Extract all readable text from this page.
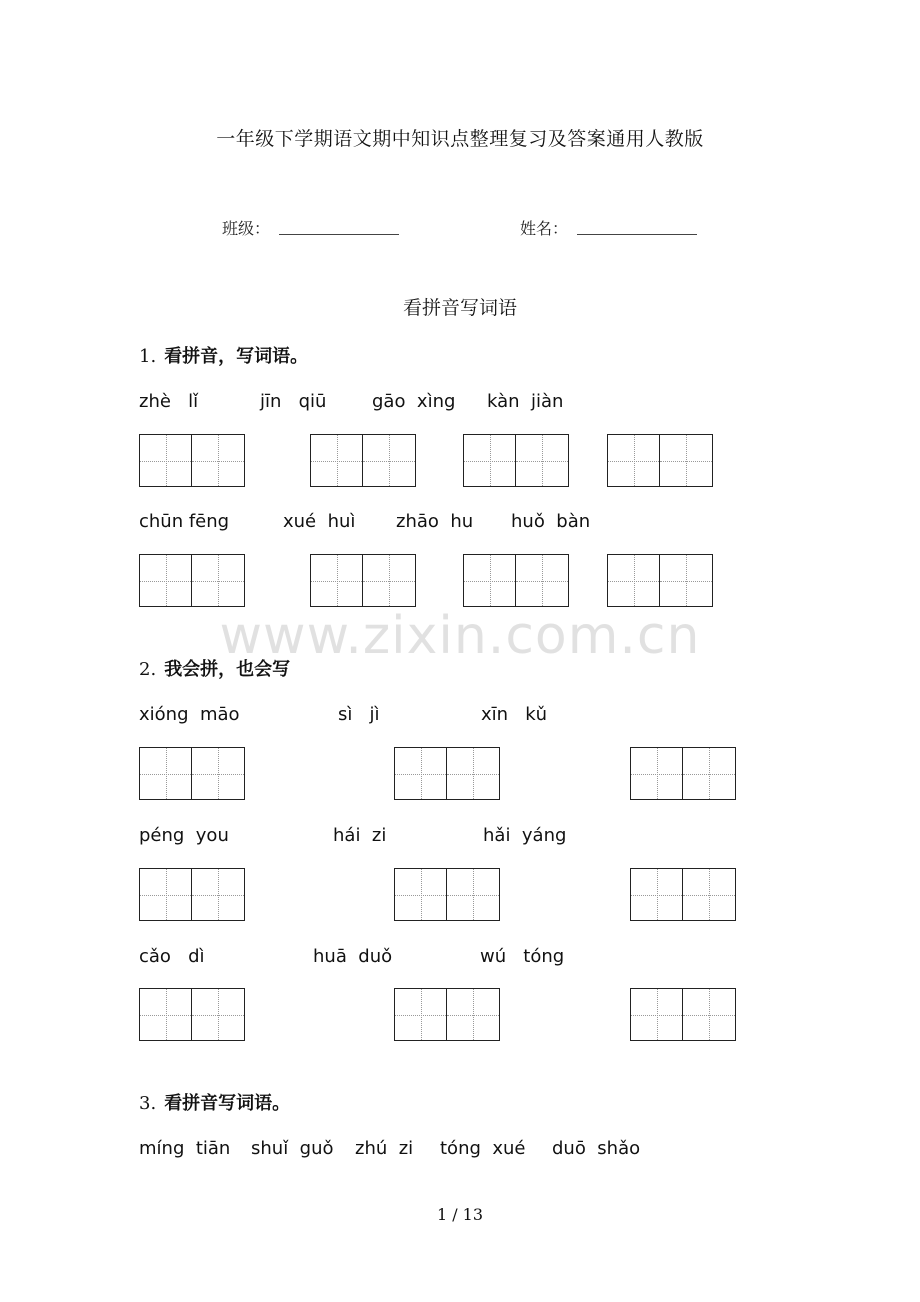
一年级下学期语文期中知识点整理复习及答案通用人教版
班级：	姓名：
看拼音写词语
1. 看拼音，写词语。
zhè   lǐ	jīn   qiū	gāo  xìng kàn  jiàn
chūn fēng	xué  huì zhāo  hu huǒ  bàn
www.zixin.com.cn
2. 我会拼，也会写
xióng  māo	sì   jì	xīn   kǔ
péng  you	hái  zi	hǎi  yáng
cǎo   dì	huā  duǒ	wú   tóng
3. 看拼音写词语。
míng  tiān shuǐ  guǒ zhú  zi tóng  xué duō  shǎo
1 / 13
